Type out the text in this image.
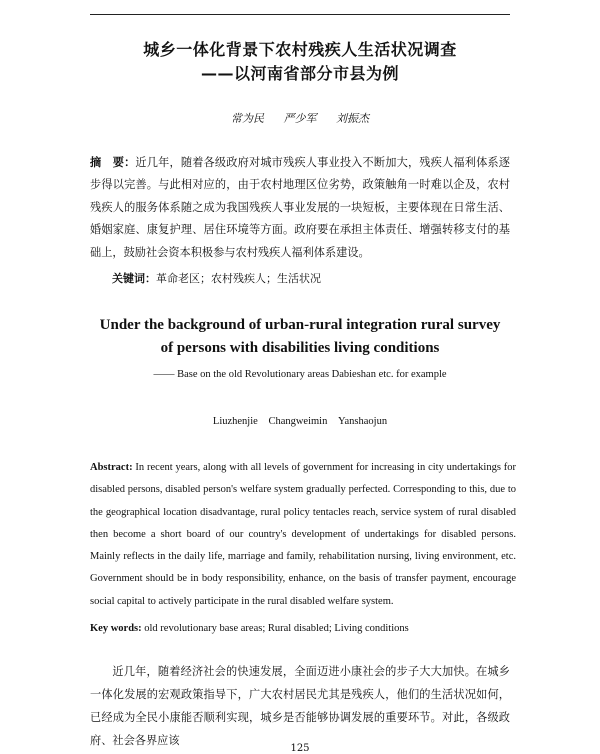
城乡一体化背景下农村残疾人生活状况调查
——以河南省部分市县为例
常为民 严少军 刘振杰
摘　要：近几年，随着各级政府对城市残疾人事业投入不断加大，残疾人福利体系逐步得以完善。与此相对应的，由于农村地理区位劣势，政策触角一时难以企及，农村残疾人的服务体系随之成为我国残疾人事业发展的一块短板，主要体现在日常生活、婚姻家庭、康复护理、居住环境等方面。政府要在承担主体责任、增强转移支付的基础上，鼓励社会资本积极参与农村残疾人福利体系建设。
关键词：革命老区；农村残疾人；生活状况
Under the background of urban-rural integration rural survey
of persons with disabilities living conditions
—— Base on the old Revolutionary areas Dabieshan etc. for example
Liuzhenjie Changweimin Yanshaojun
Abstract: In recent years, along with all levels of government for increasing in city undertakings for disabled persons, disabled person's welfare system gradually perfected. Corresponding to this, due to the geographical location disadvantage, rural policy tentacles reach, service system of rural disabled then become a short board of our country's development of undertakings for disabled persons. Mainly reflects in the daily life, marriage and family, rehabilitation nursing, living environment, etc. Government should be in body responsibility, enhance, on the basis of transfer payment, encourage social capital to actively participate in the rural disabled welfare system.
Key words: old revolutionary base areas; Rural disabled; Living conditions
近几年，随着经济社会的快速发展，全面迈进小康社会的步子大大加快。在城乡一体化发展的宏观政策指导下，广大农村居民尤其是残疾人，他们的生活状况如何，已经成为全民小康能否顺利实现，城乡是否能够协调发展的重要环节。对此，各级政府、社会各界应该
125
